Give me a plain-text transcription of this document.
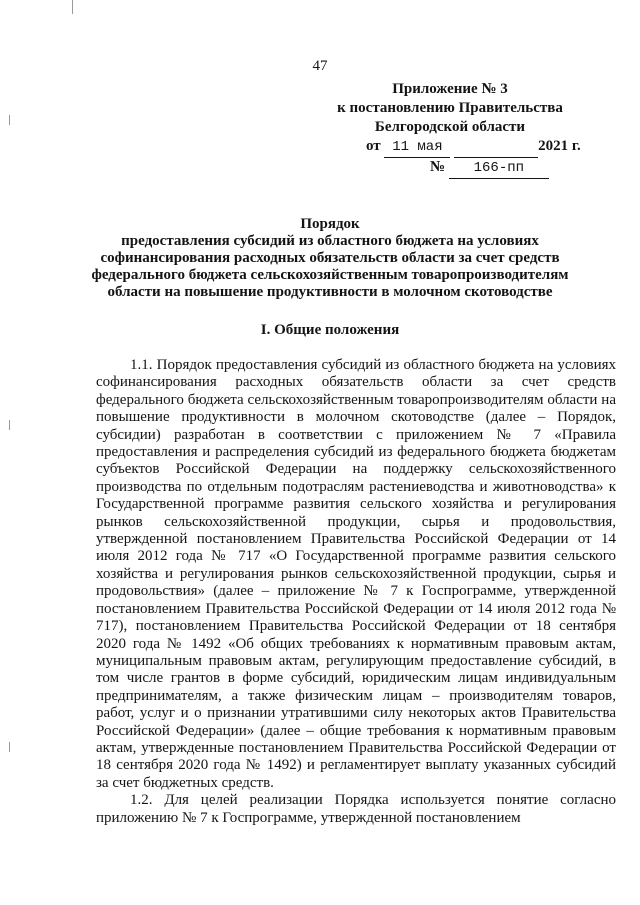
47
Приложение № 3
к постановлению Правительства
Белгородской области
от 11 мая	2021 г.
№ 166-пп
Порядок
предоставления субсидий из областного бюджета на условиях
софинансирования расходных обязательств области за счет средств
федерального бюджета сельскохозяйственным товаропроизводителям
области на повышение продуктивности в молочном скотоводстве
I. Общие положения

1.1. Порядок предоставления субсидий из областного бюджета на условиях софинансирования расходных обязательств области за счет средств федерального бюджета сельскохозяйственным товаропроизводителям области на повышение продуктивности в молочном скотоводстве (далее – Порядок, субсидии) разработан в соответствии с приложением № 7 «Правила предоставления и распределения субсидий из федерального бюджета бюджетам субъектов Российской Федерации на поддержку сельскохозяйственного производства по отдельным подотраслям растениеводства и животноводства» к Государственной программе развития сельского хозяйства и регулирования рынков сельскохозяйственной продукции, сырья и продовольствия, утвержденной постановлением Правительства Российской Федерации от 14 июля 2012 года № 717 «О Государственной программе развития сельского хозяйства и регулирования рынков сельскохозяйственной продукции, сырья и продовольствия» (далее – приложение № 7 к Госпрограмме, утвержденной постановлением Правительства Российской Федерации от 14 июля 2012 года № 717), постановлением Правительства Российской Федерации от 18 сентября 2020 года № 1492 «Об общих требованиях к нормативным правовым актам, муниципальным правовым актам, регулирующим предоставление субсидий, в том числе грантов в форме субсидий, юридическим лицам индивидуальным предпринимателям, а также физическим лицам – производителям товаров, работ, услуг и о признании утратившими силу некоторых актов Правительства Российской Федерации» (далее – общие требования к нормативным правовым актам, утвержденные постановлением Правительства Российской Федерации от 18 сентября 2020 года № 1492) и регламентирует выплату указанных субсидий за счет бюджетных средств.

1.2. Для целей реализации Порядка используется понятие согласно приложению № 7 к Госпрограмме, утвержденной постановлением
